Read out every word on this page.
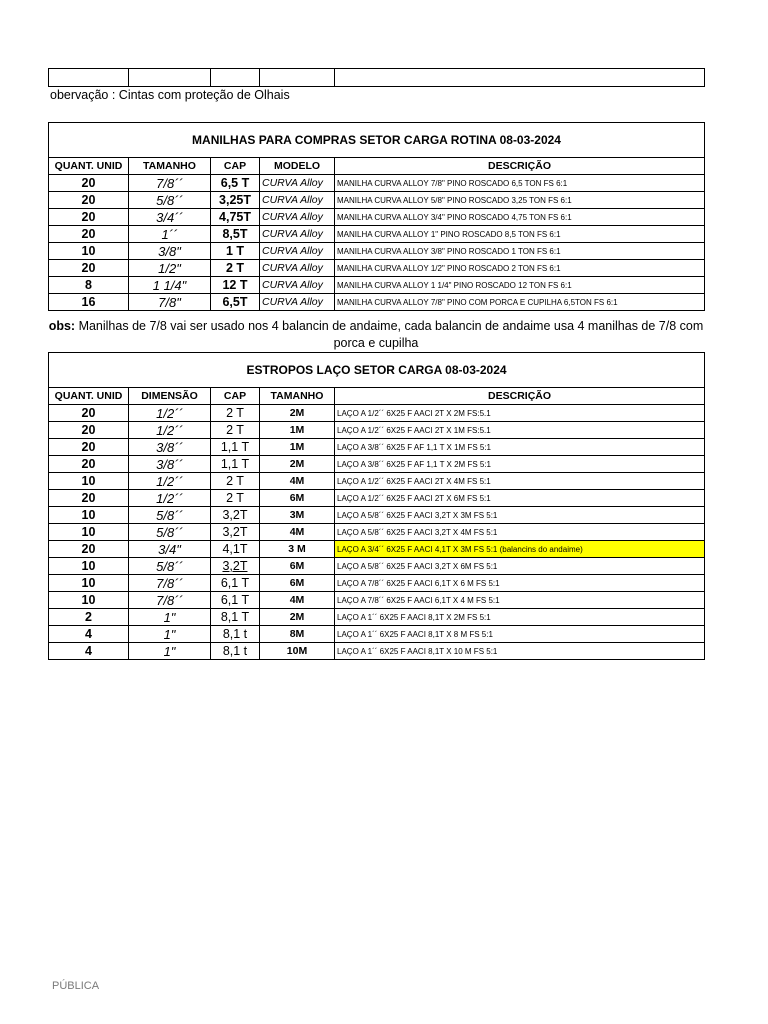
obervação : Cintas com proteção de Olhais
MANILHAS PARA COMPRAS SETOR CARGA ROTINA 08-03-2024				
QUANT. UNID	TAMANHO	CAP	MODELO	DESCRIÇÃO
20	7/8´´	6,5 T	CURVA Alloy	MANILHA CURVA ALLOY 7/8" PINO ROSCADO 6,5 TON FS 6:1
20	5/8´´	3,25T	CURVA Alloy	MANILHA CURVA ALLOY 5/8" PINO ROSCADO 3,25 TON FS 6:1
20	3/4´´	4,75T	CURVA Alloy	MANILHA CURVA ALLOY 3/4" PINO ROSCADO 4,75 TON FS 6:1
20	1´´	8,5T	CURVA Alloy	MANILHA CURVA ALLOY 1" PINO ROSCADO 8,5 TON FS 6:1
10	3/8"	1 T	CURVA Alloy	MANILHA CURVA ALLOY 3/8" PINO ROSCADO 1 TON FS 6:1
20	1/2"	2 T	CURVA Alloy	MANILHA CURVA ALLOY 1/2" PINO ROSCADO 2 TON FS 6:1
8	1 1/4"	12 T	CURVA Alloy	MANILHA CURVA ALLOY 1 1/4" PINO ROSCADO 12 TON FS 6:1
16	7/8"	6,5T	CURVA Alloy	MANILHA CURVA ALLOY 7/8" PINO COM PORCA E CUPILHA 6,5TON FS 6:1
obs: Manilhas de 7/8 vai ser usado nos 4 balancin de andaime, cada balancin de andaime usa 4 manilhas de 7/8 com porca e cupilha
ESTROPOS LAÇO SETOR CARGA 08-03-2024				
QUANT. UNID	DIMENSÃO	CAP	TAMANHO	DESCRIÇÃO
20	1/2´´	2 T	2M	LAÇO A 1/2´´ 6X25 F AACI 2T X 2M FS:5.1
20	1/2´´	2 T	1M	LAÇO A 1/2´´ 6X25 F AACI 2T X 1M FS:5.1
20	3/8´´	1,1 T	1M	LAÇO A 3/8´´ 6X25 F AF 1,1 T X 1M FS 5:1
20	3/8´´	1,1 T	2M	LAÇO A 3/8´´ 6X25 F AF 1,1 T X 2M FS 5:1
10	1/2´´	2 T	4M	LAÇO A 1/2´´ 6X25 F AACI 2T X 4M FS 5:1
20	1/2´´	2 T	6M	LAÇO A 1/2´´ 6X25 F AACI 2T X 6M FS 5:1
10	5/8´´	3,2T	3M	LAÇO A 5/8´´ 6X25 F AACI 3,2T X 3M FS 5:1
10	5/8´´	3,2T	4M	LAÇO A 5/8´´ 6X25 F AACI 3,2T X 4M FS 5:1
20	3/4"	4,1T	3 M	LAÇO A 3/4´´ 6X25 F AACI 4,1T X 3M FS 5:1 (balancins do andaime)
10	5/8´´	3,2T	6M	LAÇO A 5/8´´ 6X25 F AACI 3,2T X 6M FS 5:1
10	7/8´´	6,1 T	6M	LAÇO A 7/8´´ 6X25 F AACI 6,1T X 6 M FS 5:1
10	7/8´´	6,1 T	4M	LAÇO A 7/8´´ 6X25 F AACI 6,1T X 4 M FS 5:1
2	1"	8,1 T	2M	LAÇO A 1´´ 6X25 F AACI 8,1T X 2M FS 5:1
4	1"	8,1 t	8M	LAÇO A 1´´ 6X25 F AACI 8,1T X 8 M FS 5:1
4	1"	8,1 t	10M	LAÇO A 1´´ 6X25 F AACI 8,1T X 10 M FS 5:1
PÚBLICA
